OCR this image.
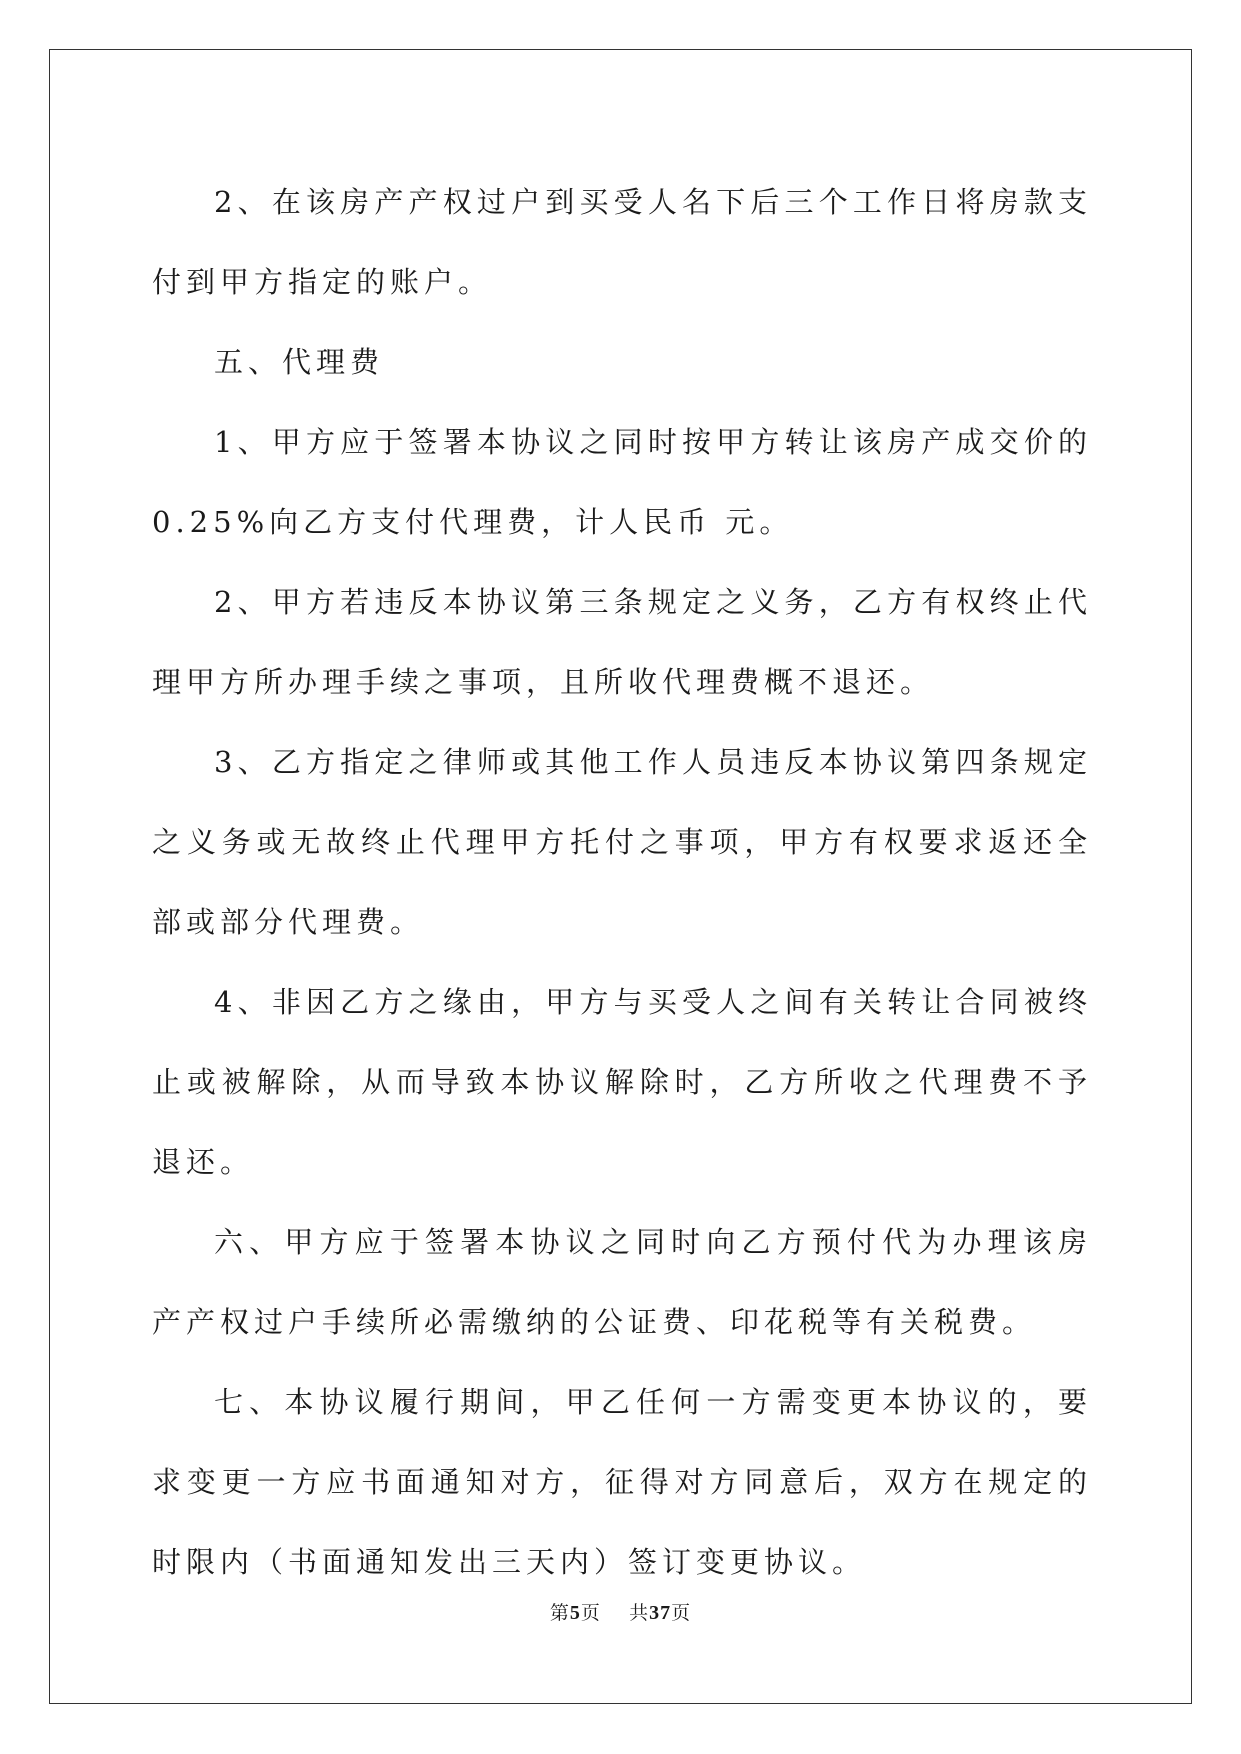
2、在该房产产权过户到买受人名下后三个工作日将房款支付到甲方指定的账户。

五、代理费

1、甲方应于签署本协议之同时按甲方转让该房产成交价的0.25%向乙方支付代理费，计人民币 元。

2、甲方若违反本协议第三条规定之义务，乙方有权终止代理甲方所办理手续之事项，且所收代理费概不退还。

3、乙方指定之律师或其他工作人员违反本协议第四条规定之义务或无故终止代理甲方托付之事项，甲方有权要求返还全部或部分代理费。

4、非因乙方之缘由，甲方与买受人之间有关转让合同被终止或被解除，从而导致本协议解除时，乙方所收之代理费不予退还。

六、甲方应于签署本协议之同时向乙方预付代为办理该房产产权过户手续所必需缴纳的公证费、印花税等有关税费。

七、本协议履行期间，甲乙任何一方需变更本协议的，要求变更一方应书面通知对方，征得对方同意后，双方在规定的时限内（书面通知发出三天内）签订变更协议。

第5页 共37页
